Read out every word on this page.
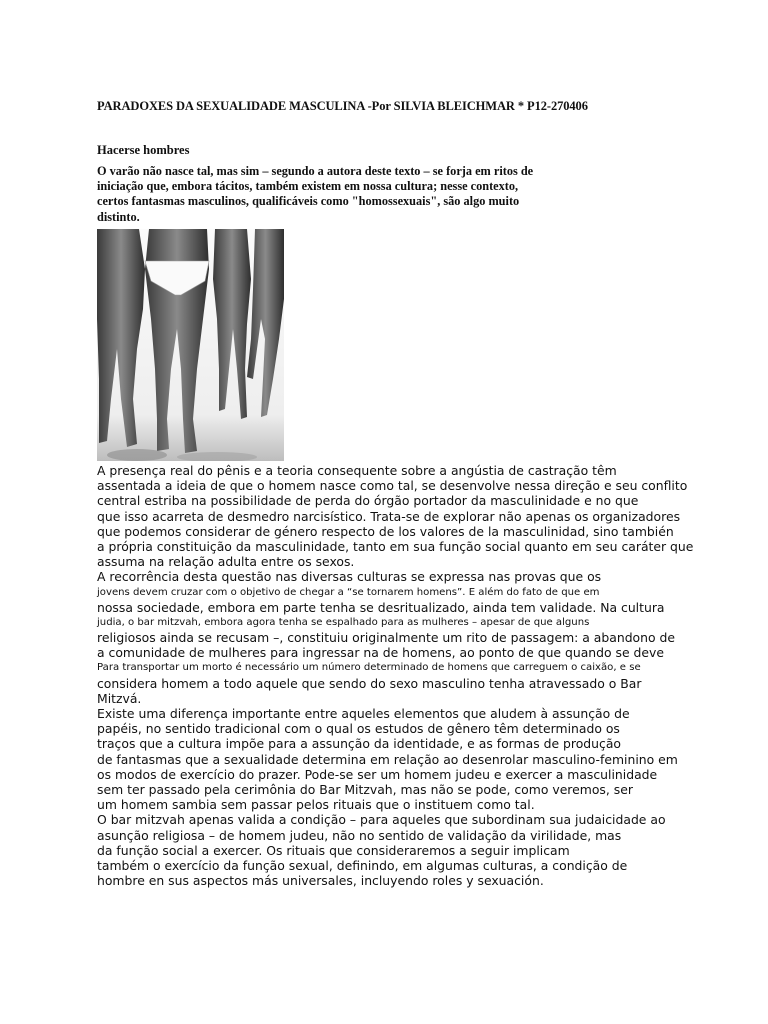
PARADOXES DA SEXUALIDADE MASCULINA -Por SILVIA BLEICHMAR * P12-270406
Hacerse hombres
O varão não nasce tal, mas sim – segundo a autora deste texto – se forja em ritos de
iniciação que, embora tácitos, também existem em nossa cultura; nesse contexto,
certos fantasmas masculinos, qualificáveis como "homossexuais", são algo muito
distinto.
A presença real do pênis e a teoria consequente sobre a angústia de castração têm
assentada a ideia de que o homem nasce como tal, se desenvolve nessa direção e seu conflito
central estriba na possibilidade de perda do órgão portador da masculinidade e no que
que isso acarreta de desmedro narcisístico. Trata-se de explorar não apenas os organizadores
que podemos considerar de género respecto de los valores de la masculinidad, sino también
a própria constituição da masculinidade, tanto em sua função social quanto em seu caráter que
assuma na relação adulta entre os sexos.
A recorrência desta questão nas diversas culturas se expressa nas provas que os
jovens devem cruzar com o objetivo de chegar a “se tornarem homens”. E além do fato de que em
nossa sociedade, embora em parte tenha se desritualizado, ainda tem validade. Na cultura
judia, o bar mitzvah, embora agora tenha se espalhado para as mulheres – apesar de que alguns
religiosos ainda se recusam –, constituiu originalmente um rito de passagem: a abandono de
a comunidade de mulheres para ingressar na de homens, ao ponto de que quando se deve
Para transportar um morto é necessário um número determinado de homens que carreguem o caixão, e se
considera homem a todo aquele que sendo do sexo masculino tenha atravessado o Bar
Mitzvá.
Existe uma diferença importante entre aqueles elementos que aludem à assunção de
papéis, no sentido tradicional com o qual os estudos de gênero têm determinado os
traços que a cultura impõe para a assunção da identidade, e as formas de produção
de fantasmas que a sexualidade determina em relação ao desenrolar masculino-feminino em
os modos de exercício do prazer. Pode-se ser um homem judeu e exercer a masculinidade
sem ter passado pela cerimônia do Bar Mitzvah, mas não se pode, como veremos, ser
um homem sambia sem passar pelos rituais que o instituem como tal.
O bar mitzvah apenas valida a condição – para aqueles que subordinam sua judaicidade ao
asunção religiosa – de homem judeu, não no sentido de validação da virilidade, mas
da função social a exercer. Os rituais que consideraremos a seguir implicam
também o exercício da função sexual, definindo, em algumas culturas, a condição de
hombre en sus aspectos más universales, incluyendo roles y sexuación.
